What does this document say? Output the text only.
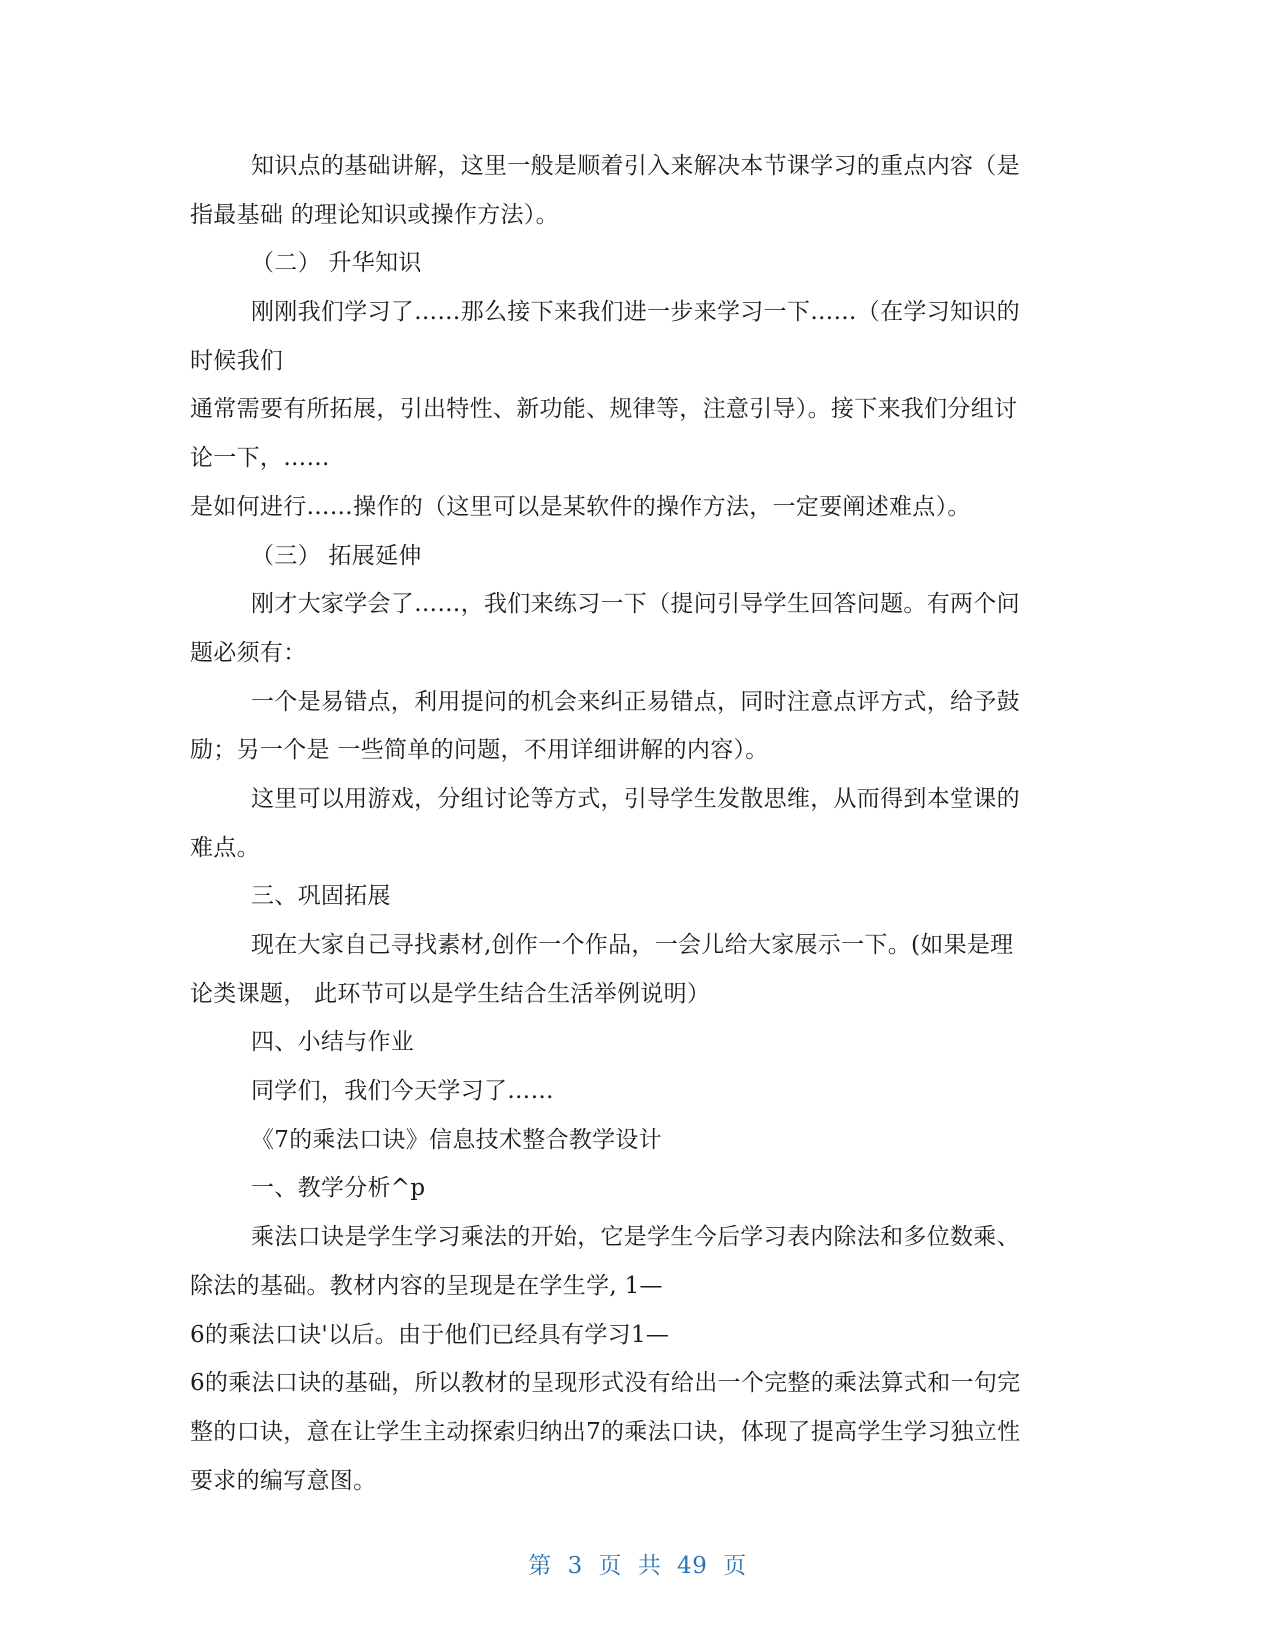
知识点的基础讲解，这里一般是顺着引入来解决本节课学习的重点内容（是
指最基础 的理论知识或操作方法）。
（二） 升华知识
刚刚我们学习了……那么接下来我们进一步来学习一下……（在学习知识的
时候我们
通常需要有所拓展，引出特性、新功能、规律等，注意引导）。接下来我们分组讨
论一下，……
是如何进行……操作的（这里可以是某软件的操作方法，一定要阐述难点）。
（三） 拓展延伸
刚才大家学会了……，我们来练习一下（提问引导学生回答问题。有两个问
题必须有：
一个是易错点，利用提问的机会来纠正易错点，同时注意点评方式，给予鼓
励；另一个是 一些简单的问题，不用详细讲解的内容）。
这里可以用游戏，分组讨论等方式，引导学生发散思维，从而得到本堂课的
难点。
三、巩固拓展
现在大家自己寻找素材,创作一个作品，一会儿给大家展示一下。(如果是理
论类课题， 此环节可以是学生结合生活举例说明）
四、小结与作业
同学们，我们今天学习了……
《7的乘法口诀》信息技术整合教学设计
一、教学分析^p
乘法口诀是学生学习乘法的开始，它是学生今后学习表内除法和多位数乘、
除法的基础。教材内容的呈现是在学生学, 1—
6的乘法口诀'以后。由于他们已经具有学习1—
6的乘法口诀的基础，所以教材的呈现形式没有给出一个完整的乘法算式和一句完
整的口诀，意在让学生主动探索归纳出7的乘法口诀，体现了提高学生学习独立性
要求的编写意图。
第 3 页 共 49 页
